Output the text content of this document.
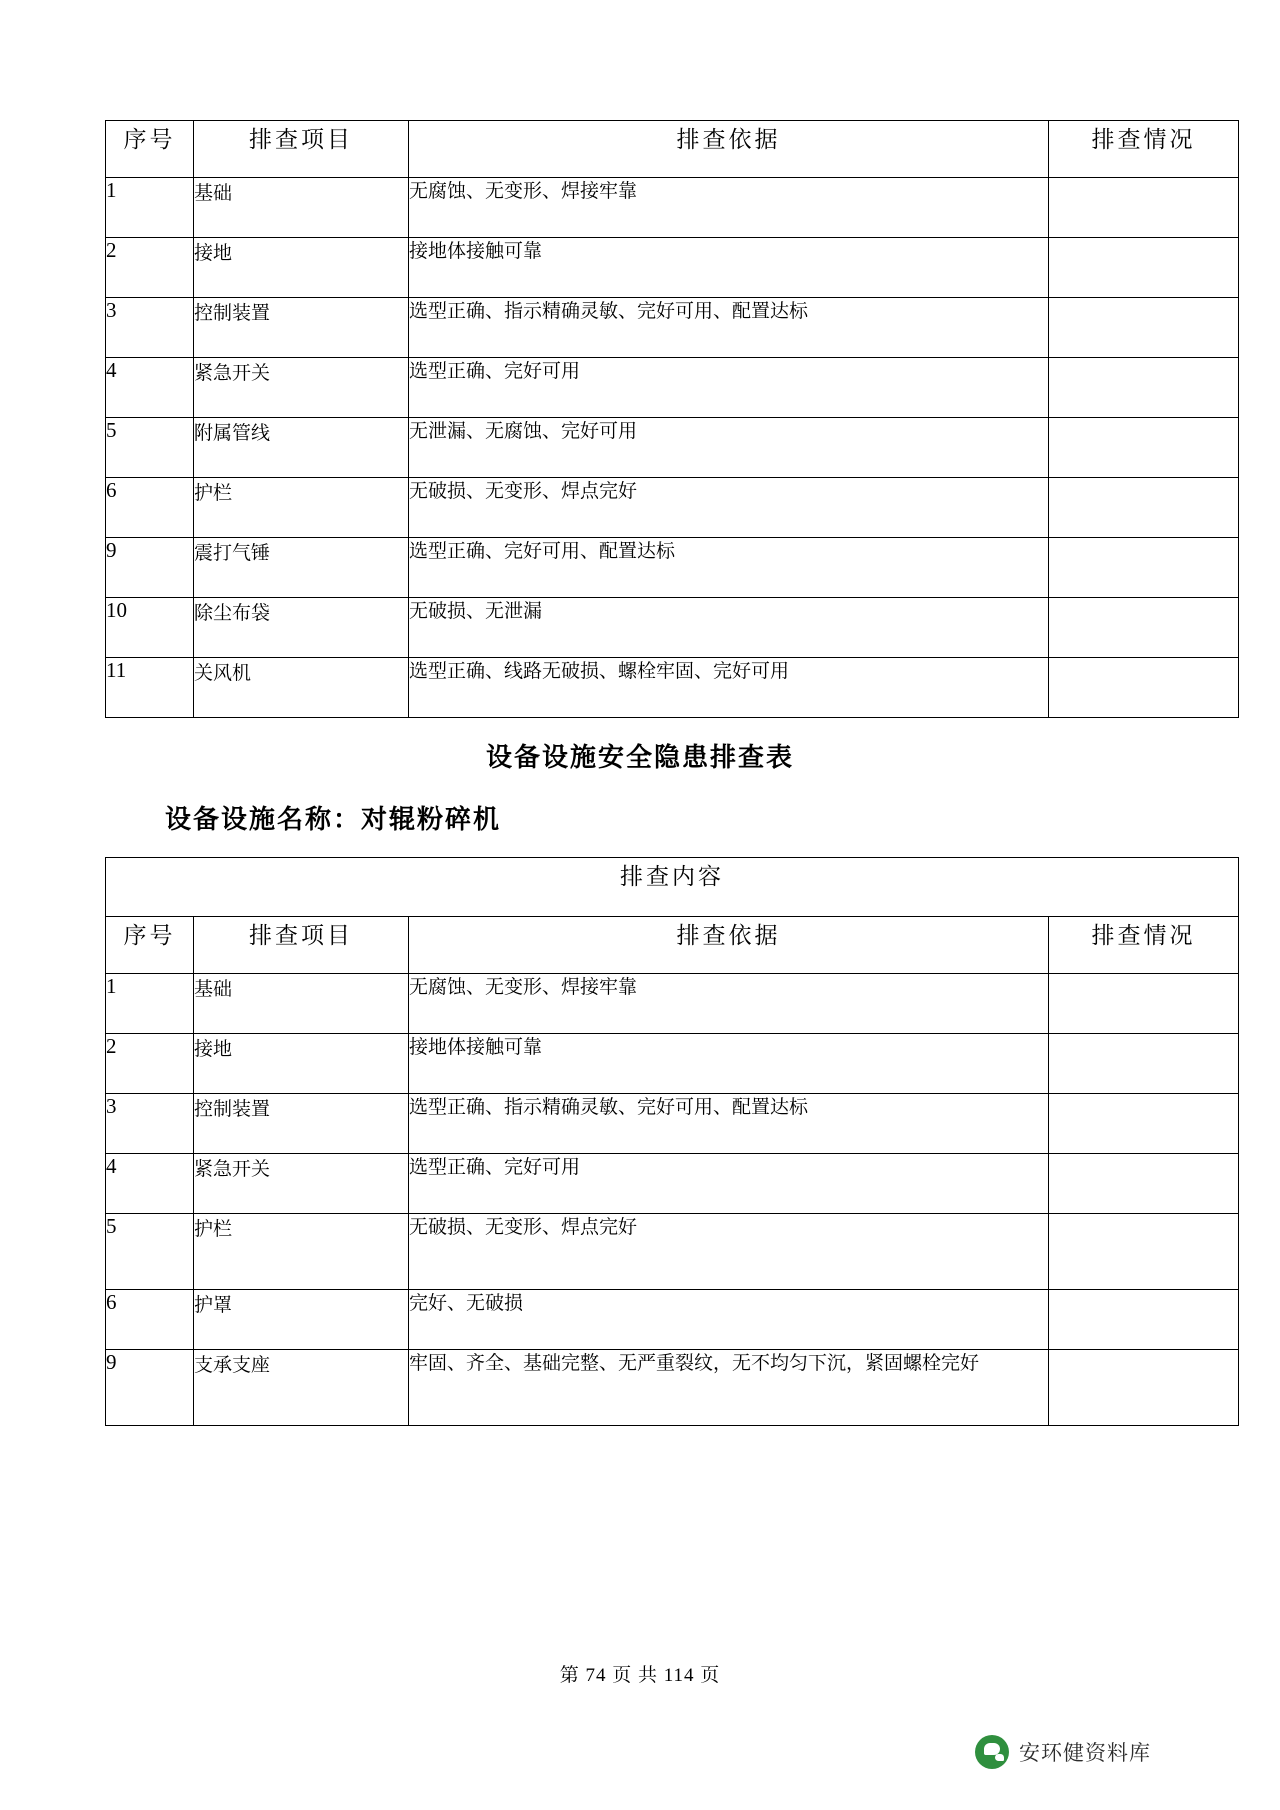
序号	排查项目	排查依据	排查情况
1	基础	无腐蚀、无变形、焊接牢靠	
2	接地	接地体接触可靠	
3	控制装置	选型正确、指示精确灵敏、完好可用、配置达标	
4	紧急开关	选型正确、完好可用	
5	附属管线	无泄漏、无腐蚀、完好可用	
6	护栏	无破损、无变形、焊点完好	
9	震打气锤	选型正确、完好可用、配置达标	
10	除尘布袋	无破损、无泄漏	
11	关风机	选型正确、线路无破损、螺栓牢固、完好可用	
设备设施安全隐患排查表
设备设施名称：对辊粉碎机
排查内容			
序号	排查项目	排查依据	排查情况
1	基础	无腐蚀、无变形、焊接牢靠	
2	接地	接地体接触可靠	
3	控制装置	选型正确、指示精确灵敏、完好可用、配置达标	
4	紧急开关	选型正确、完好可用	
5	护栏	无破损、无变形、焊点完好	
6	护罩	完好、无破损	
9	支承支座	牢固、齐全、基础完整、无严重裂纹，无不均匀下沉，紧固螺栓完好	
第 74 页 共 114 页
安环健资料库
